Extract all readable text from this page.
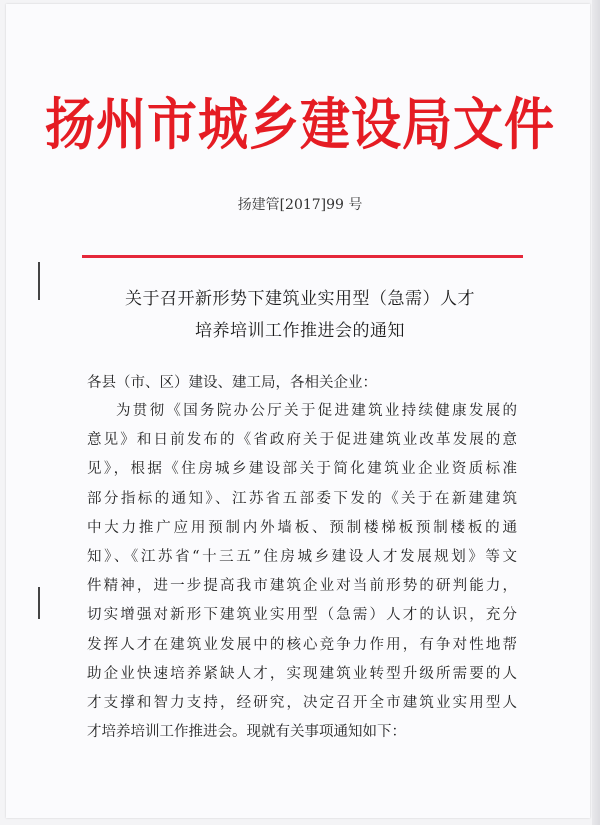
扬州市城乡建设局文件
扬建管[2017]99 号
关于召开新形势下建筑业实用型（急需）人才
培养培训工作推进会的通知
各县（市、区）建设、建工局，各相关企业：
为贯彻《国务院办公厅关于促进建筑业持续健康发展的
意见》和日前发布的《省政府关于促进建筑业改革发展的意
见》，根据《住房城乡建设部关于简化建筑业企业资质标准
部分指标的通知》、江苏省五部委下发的《关于在新建建筑
中大力推广应用预制内外墙板、预制楼梯板预制楼板的通
知》、《江苏省“十三五”住房城乡建设人才发展规划》等文
件精神，进一步提高我市建筑企业对当前形势的研判能力，
切实增强对新形下建筑业实用型（急需）人才的认识，充分
发挥人才在建筑业发展中的核心竞争力作用，有争对性地帮
助企业快速培养紧缺人才，实现建筑业转型升级所需要的人
才支撑和智力支持，经研究，决定召开全市建筑业实用型人
才培养培训工作推进会。现就有关事项通知如下：
